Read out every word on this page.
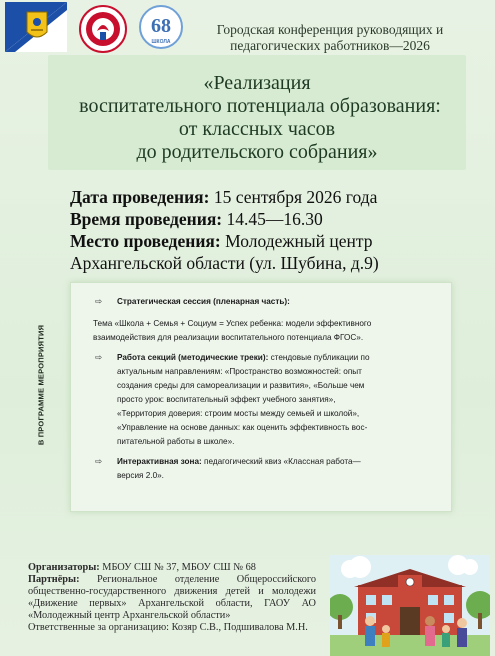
68
ШКОЛА
Городская конференция руководящих и
педагогических работников—2026
«Реализация
воспитательного потенциала образования:
от классных часов
до родительского собрания»
Дата проведения: 15 сентября 2026 года
Время проведения: 14.45—16.30
Место проведения: Молодежный центр
Архангельской области (ул. Шубина, д.9)
В ПРОГРАММЕ МЕРОПРИЯТИЯ
⇨ Стратегическая сессия (пленарная часть):
Тема «Школа + Семья + Социум = Успех ребенка: модели эффективного
взаимодействия для реализации воспитательного потенциала ФГОС».
⇨ Работа секций (методические треки): стендовые публикации по
актуальным направлениям: «Пространство возможностей: опыт
создания среды для самореализации и развития», «Больше чем
просто урок: воспитательный эффект учебного занятия»,
«Территория доверия: строим мосты между семьей и школой»,
«Управление на основе данных: как оценить эффективность вос-
питательной работы в школе».
⇨ Интерактивная зона: педагогический квиз «Классная работа—
версия 2.0».
Организаторы: МБОУ СШ № 37, МБОУ СШ № 68
Партнёры: Региональное отделение Общероссийского общественно-государственного движения детей и молодежи «Движение первых» Архангельской области, ГАОУ АО «Молодежный центр Архангельской области»
Ответственные за организацию: Козяр С.В., Подшивалова М.Н.
